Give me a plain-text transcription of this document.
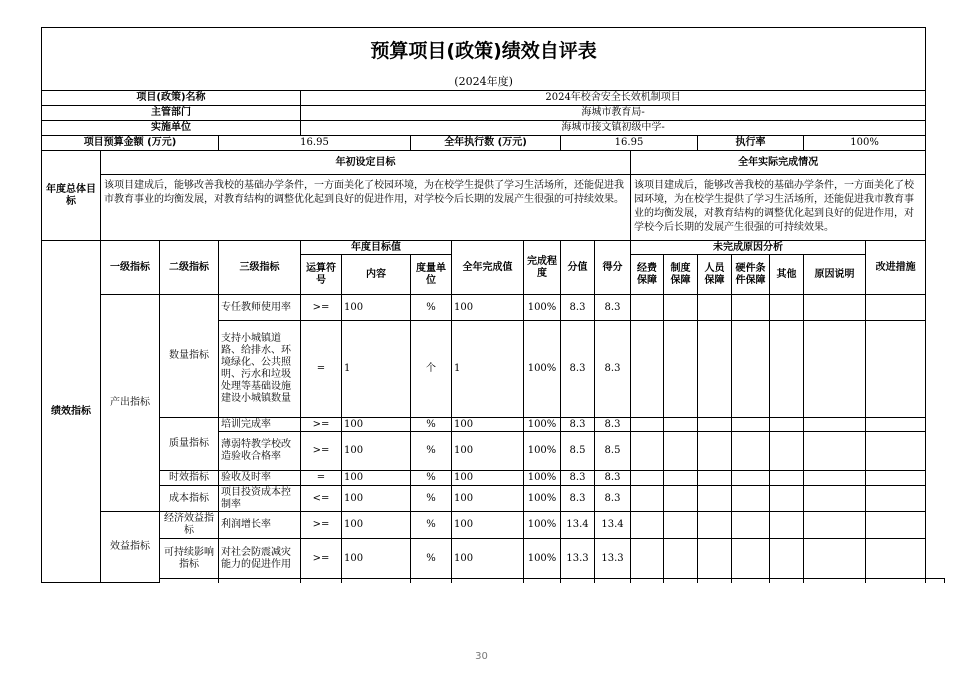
预算项目(政策)绩效自评表																		
(2024年度)																		
项目(政策)名称				2024年校舍安全长效机制项目														
主管部门				海城市教育局-														
实施单位				海城市接文镇初级中学-														
项目预算金额 (万元)			16.95			全年执行数 (万元)			16.95				执行率			100%		
年度总体目标	年初设定目标										全年实际完成情况							
	该项目建成后，能够改善我校的基础办学条件，一方面美化了校园环境，为在校学生提供了学习生活场所，还能促进我市教育事业的均衡发展，对教育结构的调整优化起到良好的促进作用，对学校今后长期的发展产生很强的可持续效果。										该项目建成后，能够改善我校的基础办学条件，一方面美化了校园环境，为在校学生提供了学习生活场所，还能促进我市教育事业的均衡发展，对教育结构的调整优化起到良好的促进作用，对学校今后长期的发展产生很强的可持续效果。							
绩效指标	一级指标	二级指标	三级指标	年度目标值			全年完成值	完成程度	分值	得分	未完成原因分析						改进措施	
				运算符号	内容	度量单位					经费保障	制度保障	人员保障	硬件条件保障	其他	原因说明		
	产出指标	数量指标	专任教师使用率	>=	100	%	100	100%	8.3	8.3								
			支持小城镇道路、给排水、环境绿化、公共照明、污水和垃圾处理等基础设施建设小城镇数量	=	1	个	1	100%	8.3	8.3								
		质量指标	培训完成率	>=	100	%	100	100%	8.3	8.3								
			薄弱特教学校改造验收合格率	>=	100	%	100	100%	8.5	8.5								
		时效指标	验收及时率	=	100	%	100	100%	8.3	8.3								
		成本指标	项目投资成本控制率	<=	100	%	100	100%	8.3	8.3								
	效益指标	经济效益指标	利润增长率	>=	100	%	100	100%	13.4	13.4								
		可持续影响指标	对社会防震减灾能力的促进作用	>=	100	%	100	100%	13.3	13.3								

30
